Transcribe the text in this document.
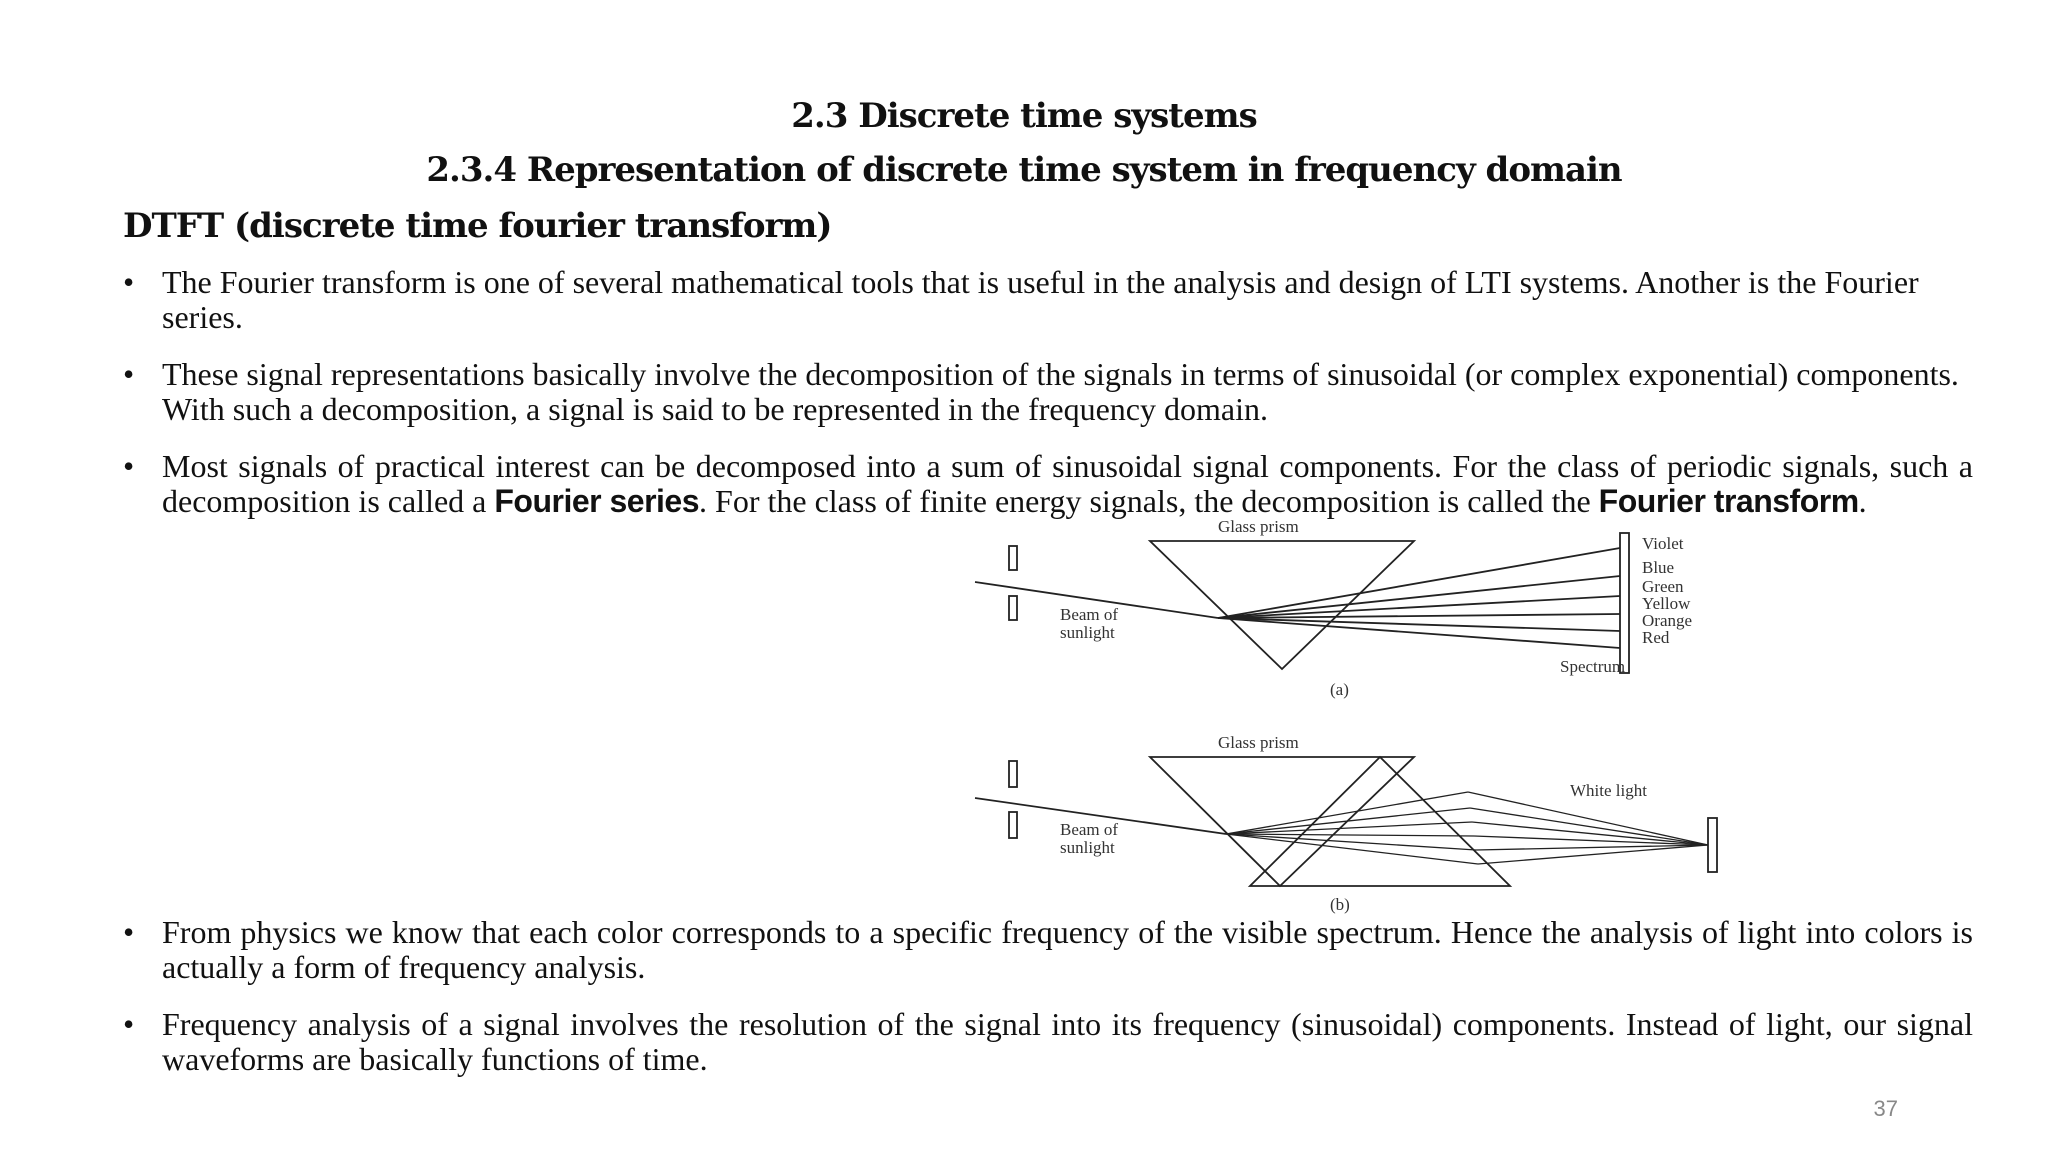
2.3 Discrete time systems
2.3.4 Representation of discrete time system in frequency domain
DTFT (discrete time fourier transform)
• The Fourier transform is one of several mathematical tools that is useful in the analysis and design of LTI systems. Another is the Fourier series.
• These signal representations basically involve the decomposition of the signals in terms of sinusoidal (or complex exponential) components. With such a decomposition, a signal is said to be represented in the frequency domain.
• Most signals of practical interest can be decomposed into a sum of sinusoidal signal components. For the class of periodic signals, such a decomposition is called a Fourier series. For the class of finite energy signals, the decomposition is called the Fourier transform.
Glass prism
Beam of
sunlight
Violet
Blue
Green
Yellow
Orange
Red
Spectrum
(a)
Glass prism
Beam of
sunlight
White light
(b)
• From physics we know that each color corresponds to a specific frequency of the visible spectrum. Hence the analysis of light into colors is actually a form of frequency analysis.
• Frequency analysis of a signal involves the resolution of the signal into its frequency (sinusoidal) components. Instead of light, our signal waveforms are basically functions of time.
37
